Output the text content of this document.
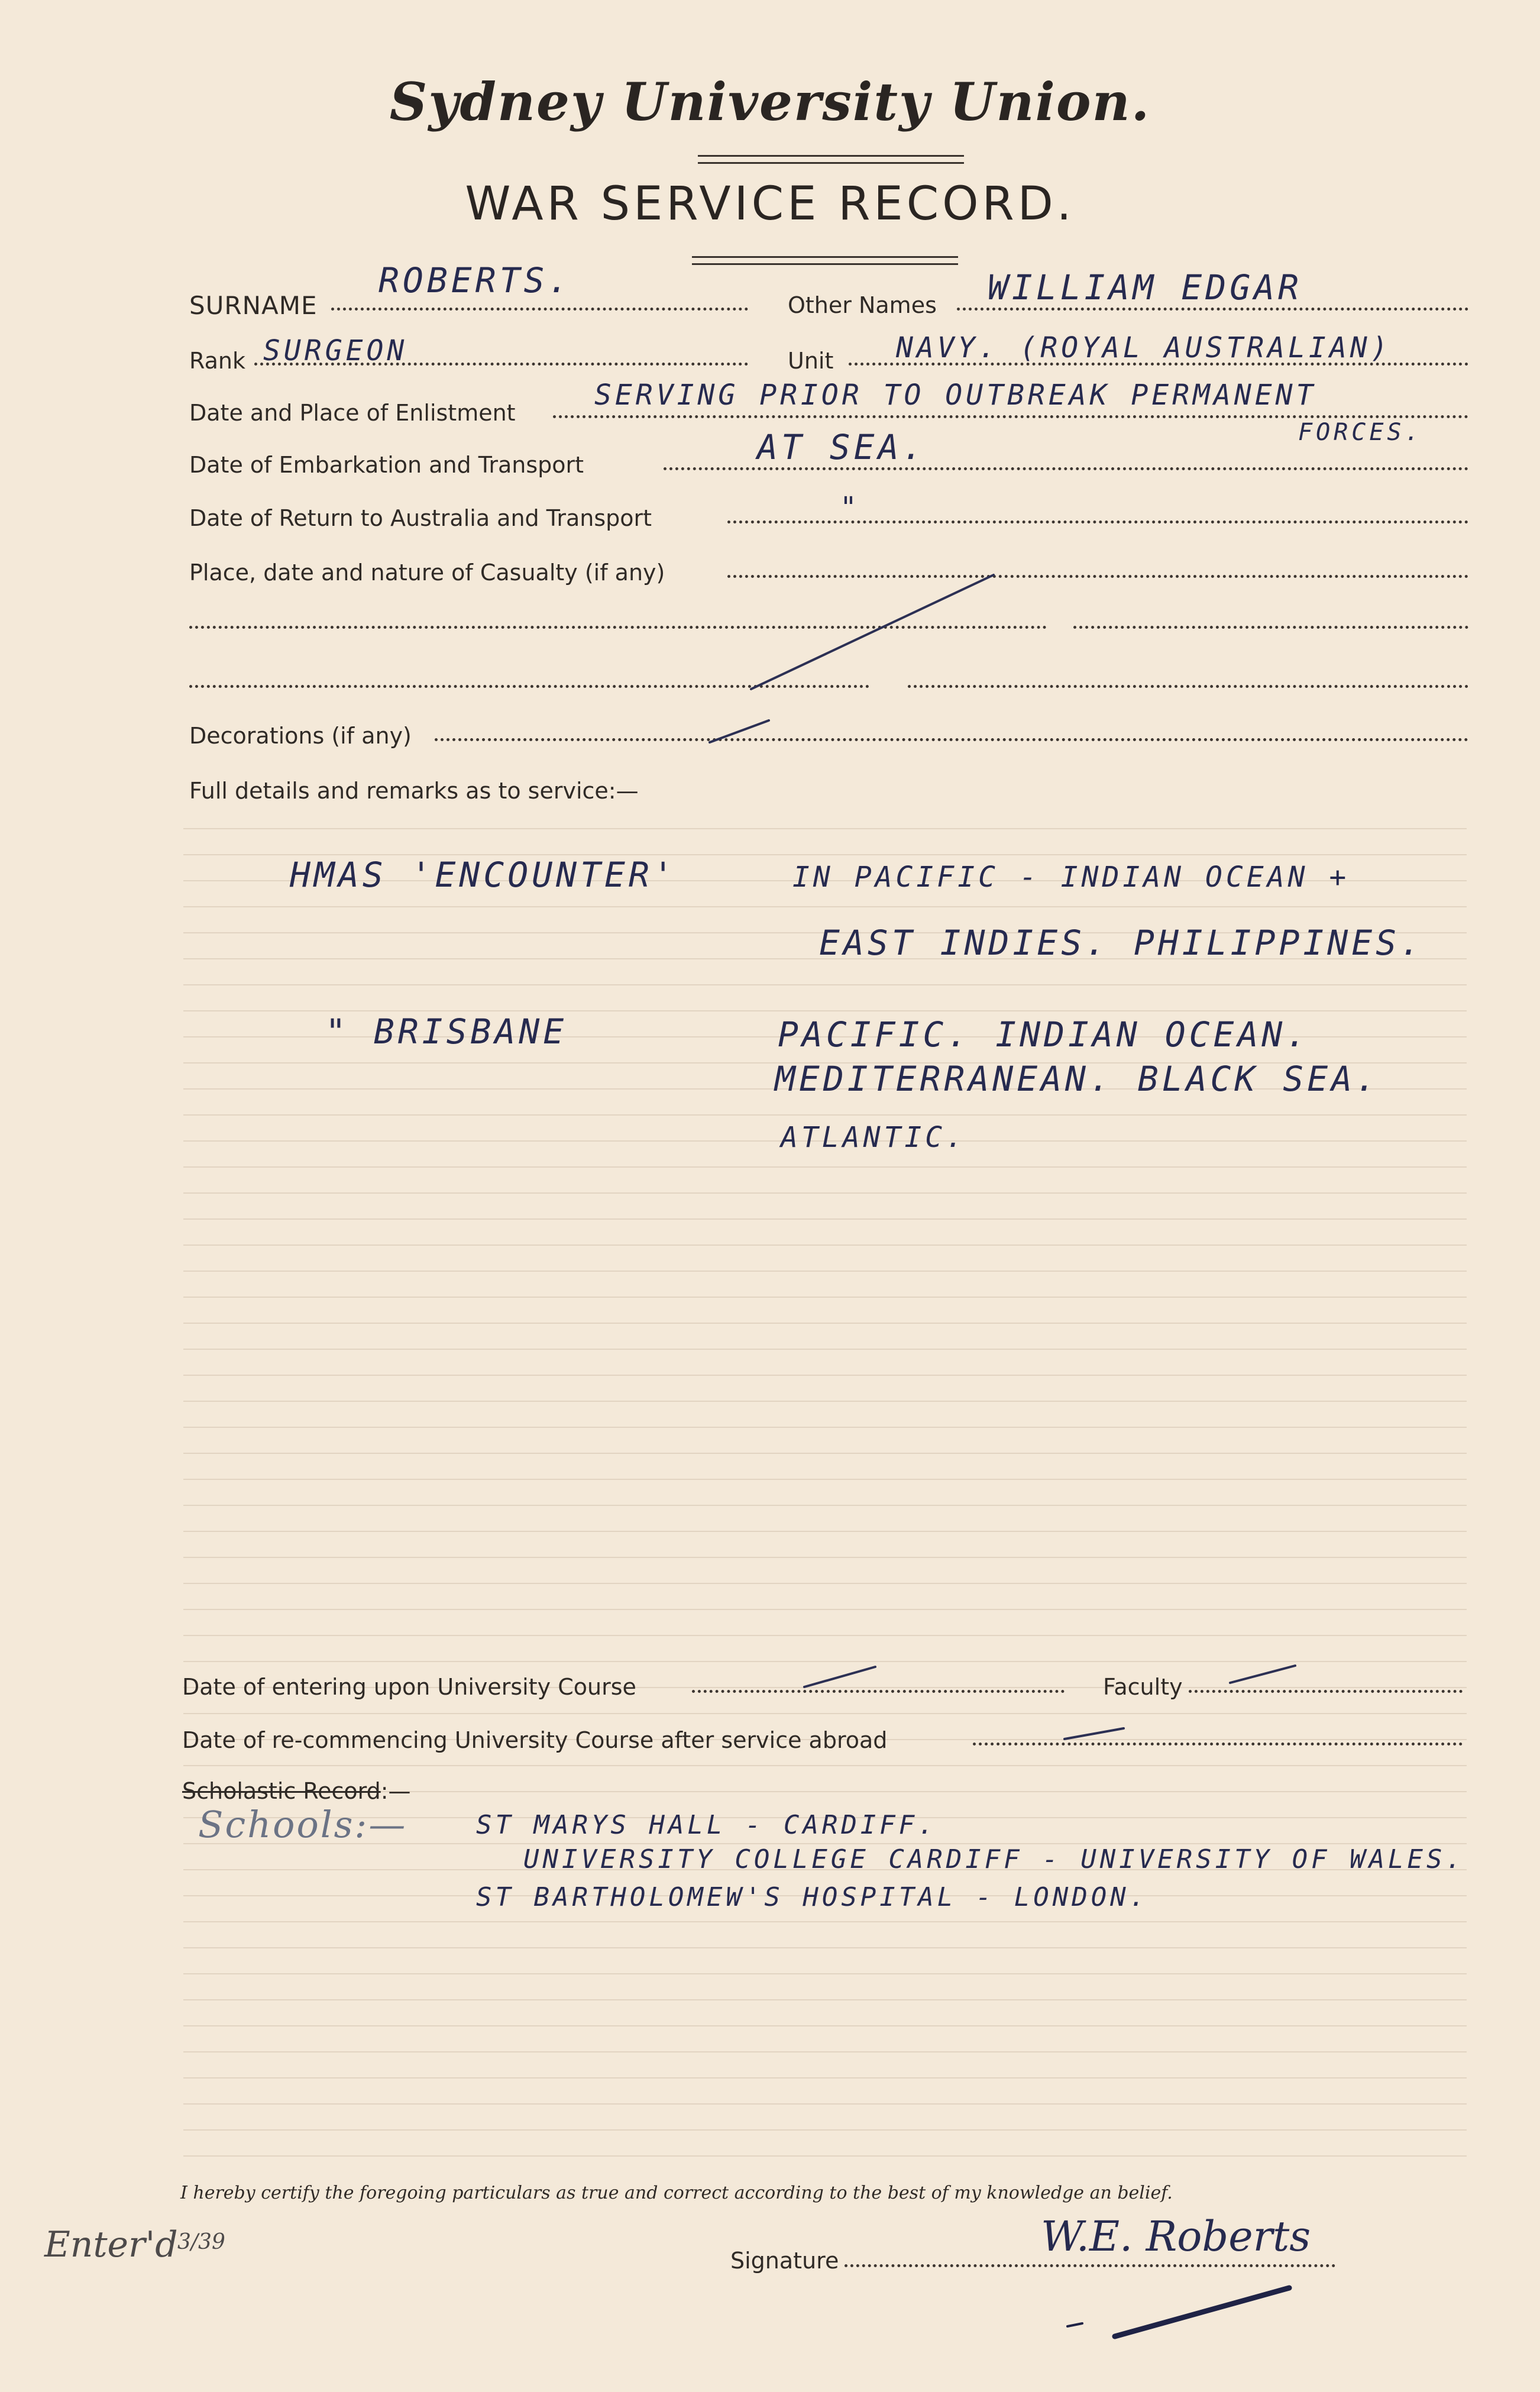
Sydney University Union.
WAR SERVICE RECORD.
SURNAME
ROBERTS.
Other Names WILLIAM EDGAR
Rank SURGEON	Unit NAVY. (ROYAL AUSTRALIAN)
Date and Place of Enlistment
SERVING PRIOR TO OUTBREAK PERMANENT
FORCES.
Date of Embarkation and Transport	AT SEA.
Date of Return to Australia and Transport	"
Place, date and nature of Casualty (if any)
Decorations (if any)
Full details and remarks as to service:—
HMAS 'ENCOUNTER'	IN PACIFIC - INDIAN OCEAN +
EAST INDIES. PHILIPPINES.
" BRISBANE	PACIFIC. INDIAN OCEAN.
MEDITERRANEAN. BLACK SEA.
ATLANTIC.
Date of entering upon University Course	Faculty
Date of re-commencing University Course after service abroad
Scholastic Record:—
Schools:—	ST MARYS HALL - CARDIFF.
UNIVERSITY COLLEGE CARDIFF - UNIVERSITY OF WALES.
ST BARTHOLOMEW'S HOSPITAL - LONDON.
I hereby certify the foregoing particulars as true and correct according to the best of my knowledge an belief.
Signature	W.E. Roberts
Enter'd 3/39
